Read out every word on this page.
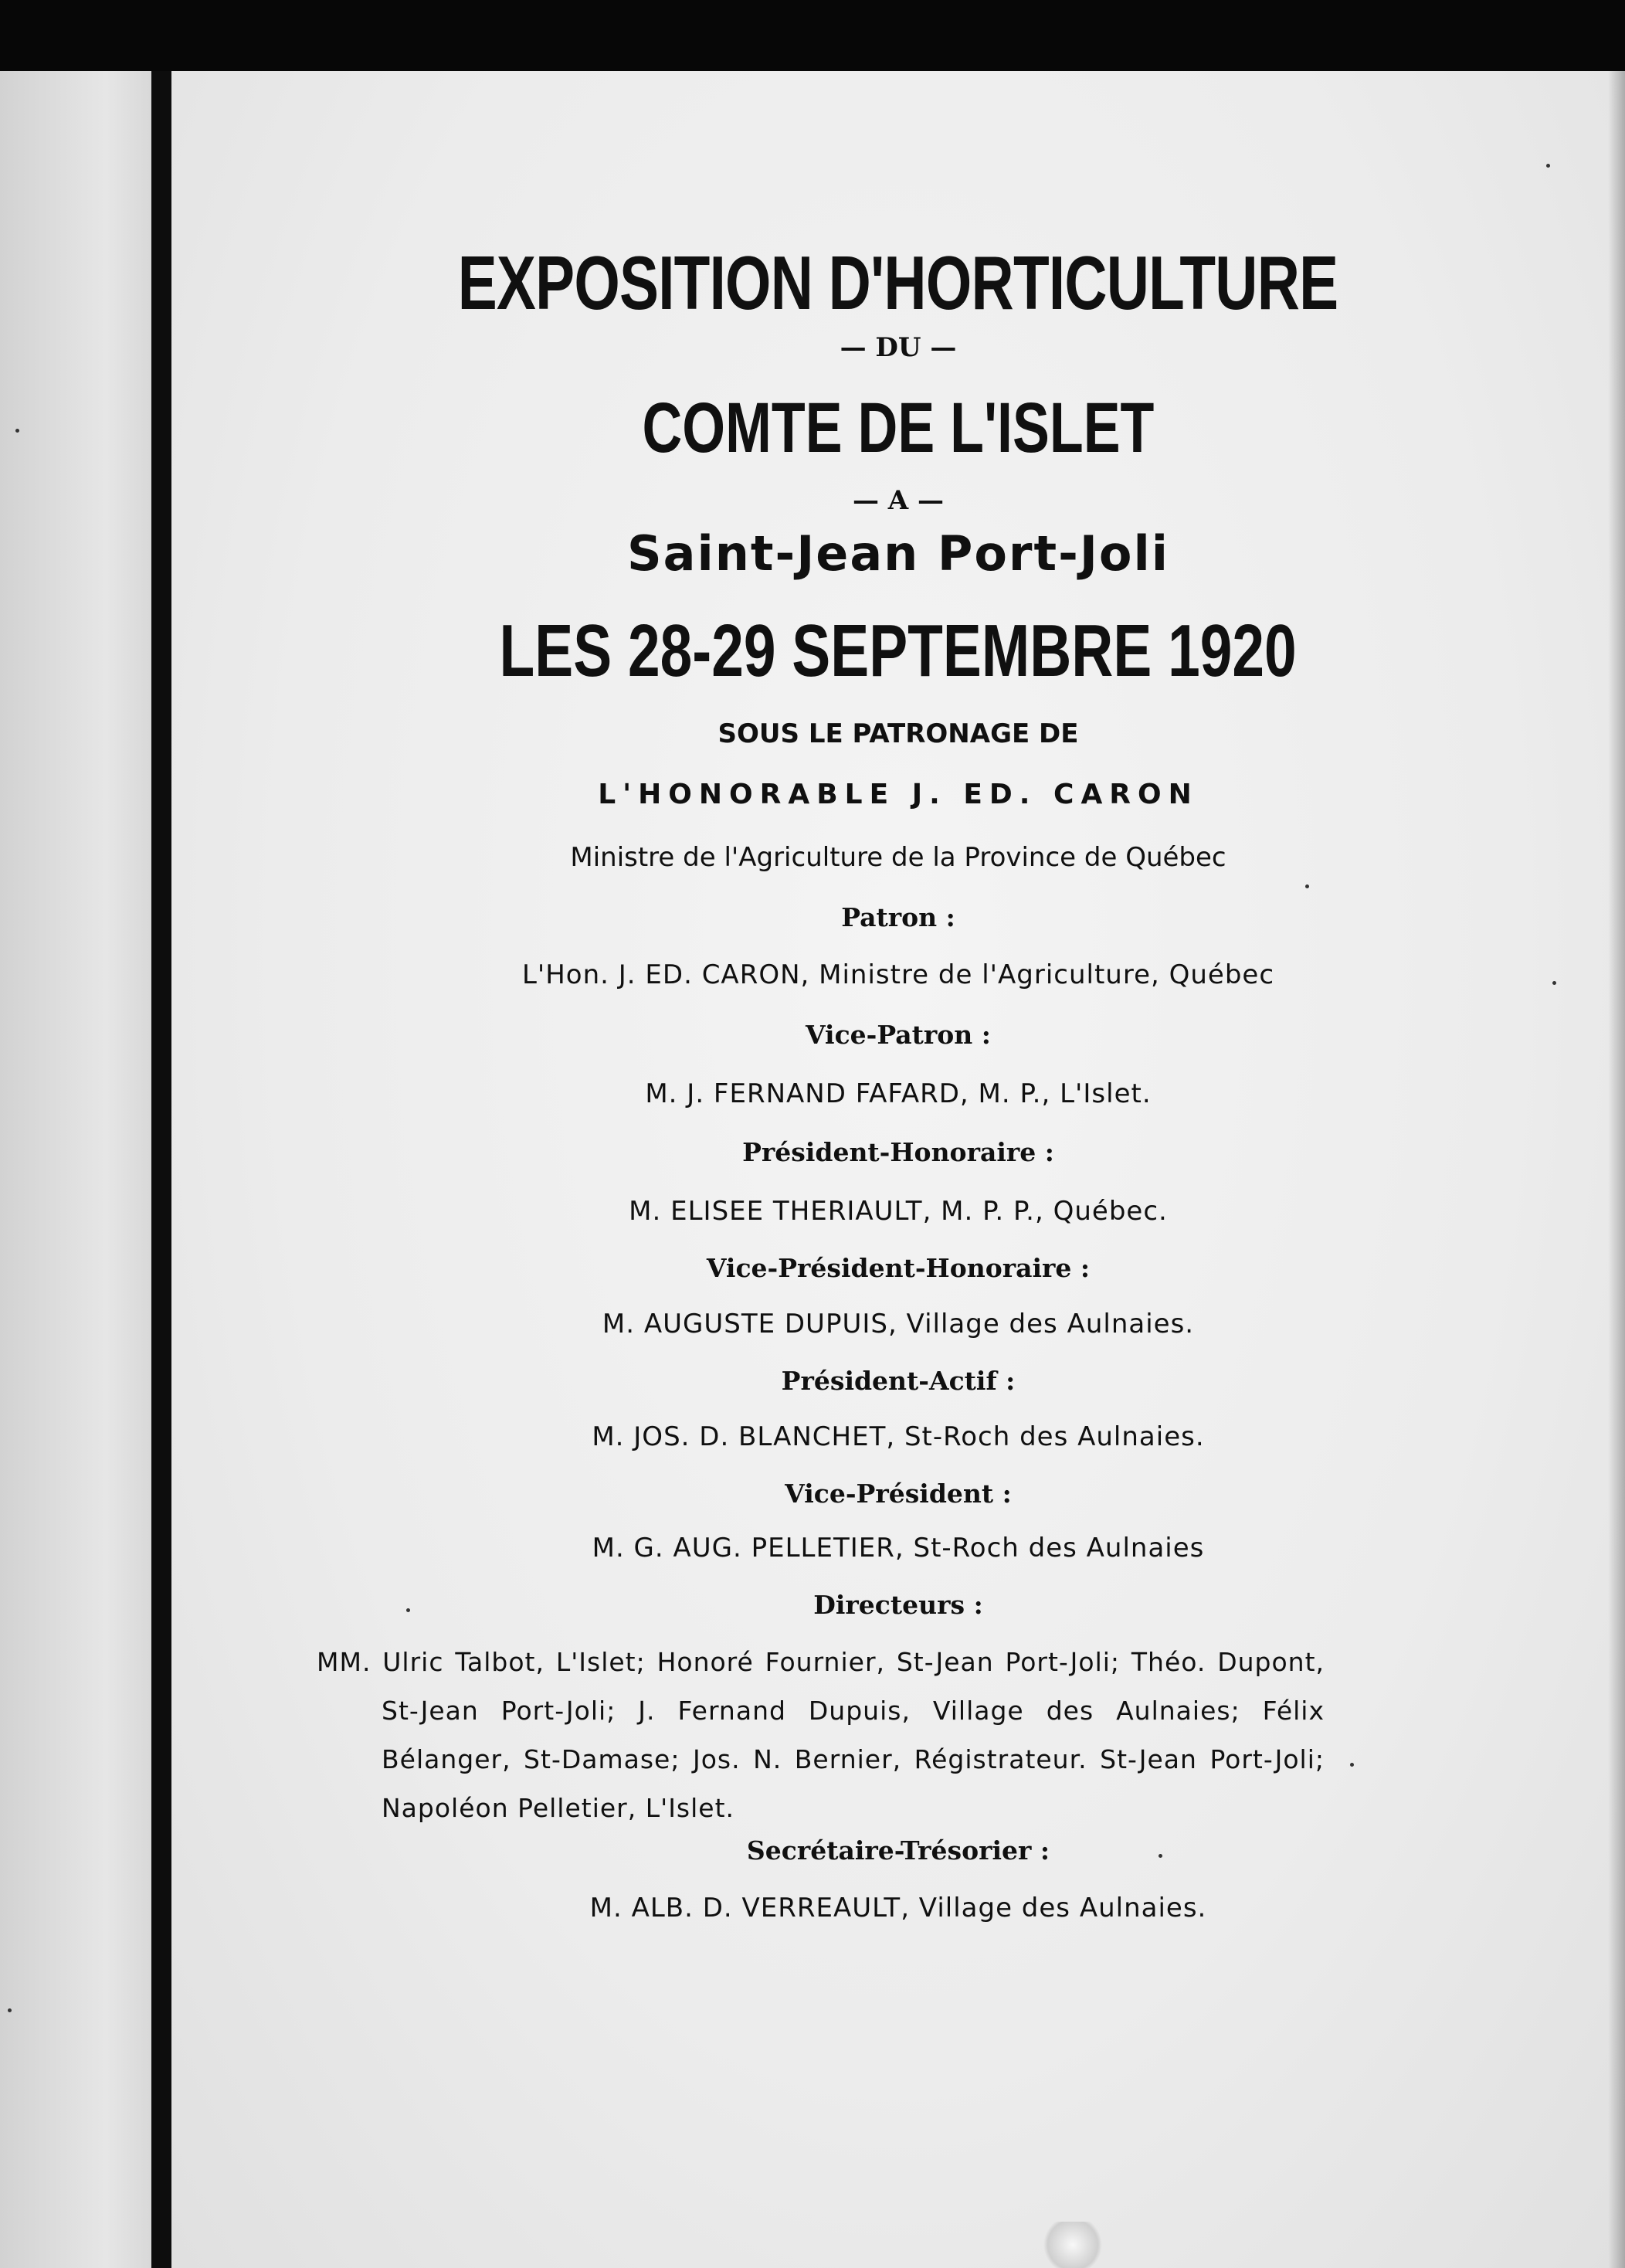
EXPOSITION D'HORTICULTURE
— DU —
COMTE DE L'ISLET
— A —
Saint-Jean Port-Joli
LES 28-29 SEPTEMBRE 1920
SOUS LE PATRONAGE DE
L'HONORABLE J. ED. CARON
Ministre de l'Agriculture de la Province de Québec
Patron :
L'Hon. J. ED. CARON, Ministre de l'Agriculture, Québec
Vice-Patron :
M. J. FERNAND FAFARD, M. P., L'Islet.
Président-Honoraire :
M. ELISEE THERIAULT, M. P. P., Québec.
Vice-Président-Honoraire :
M. AUGUSTE DUPUIS, Village des Aulnaies.
Président-Actif :
M. JOS. D. BLANCHET, St-Roch des Aulnaies.
Vice-Président :
M. G. AUG. PELLETIER, St-Roch des Aulnaies
Directeurs :
MM. Ulric Talbot, L'Islet; Honoré Fournier, St-Jean Port-Joli; Théo. Dupont, St-Jean Port-Joli; J. Fernand Dupuis, Village des Aulnaies; Félix Bélanger, St-Damase; Jos. N. Bernier, Régistrateur. St-Jean Port-Joli; Napoléon Pelletier, L'Islet.
Secrétaire-Trésorier :
M. ALB. D. VERREAULT, Village des Aulnaies.
